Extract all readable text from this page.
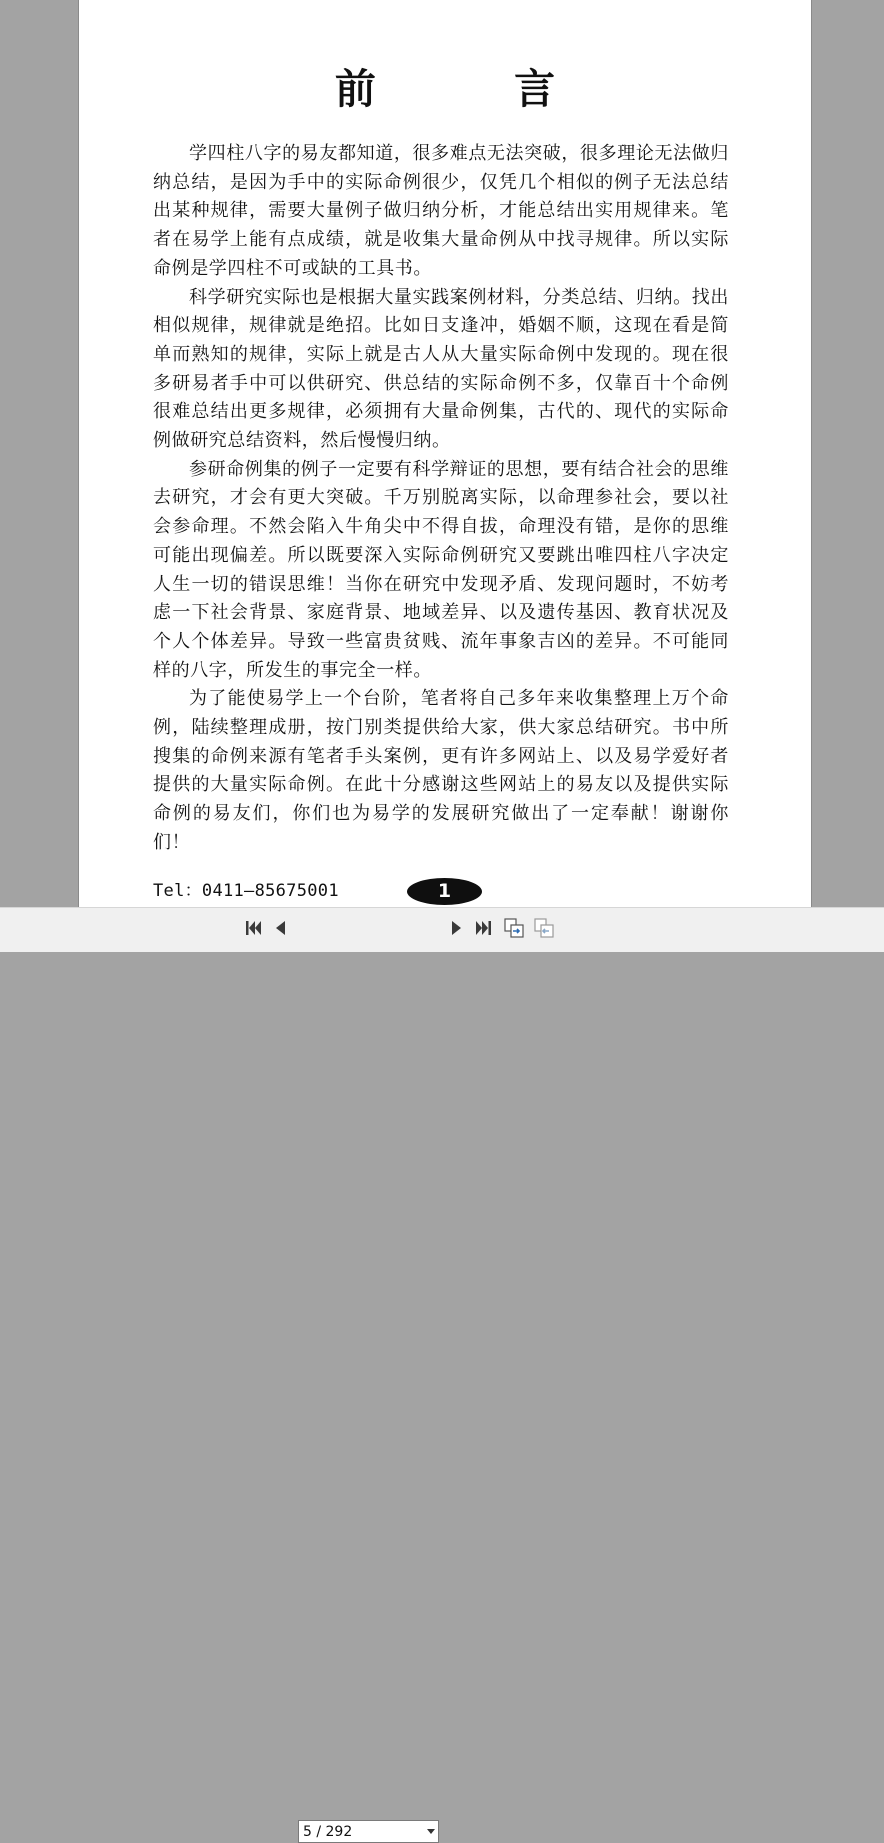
前 言

学四柱八字的易友都知道，很多难点无法突破，很多理论无法做归纳总结，是因为手中的实际命例很少，仅凭几个相似的例子无法总结出某种规律，需要大量例子做归纳分析，才能总结出实用规律来。笔者在易学上能有点成绩，就是收集大量命例从中找寻规律。所以实际命例是学四柱不可或缺的工具书。

科学研究实际也是根据大量实践案例材料，分类总结、归纳。找出相似规律，规律就是绝招。比如日支逢冲，婚姻不顺，这现在看是简单而熟知的规律，实际上就是古人从大量实际命例中发现的。现在很多研易者手中可以供研究、供总结的实际命例不多，仅靠百十个命例很难总结出更多规律，必须拥有大量命例集，古代的、现代的实际命例做研究总结资料，然后慢慢归纳。

参研命例集的例子一定要有科学辩证的思想，要有结合社会的思维去研究，才会有更大突破。千万别脱离实际，以命理参社会，要以社会参命理。不然会陷入牛角尖中不得自拔，命理没有错，是你的思维可能出现偏差。所以既要深入实际命例研究又要跳出唯四柱八字决定人生一切的错误思维！当你在研究中发现矛盾、发现问题时，不妨考虑一下社会背景、家庭背景、地域差异、以及遗传基因、教育状况及个人个体差异。导致一些富贵贫贱、流年事象吉凶的差异。不可能同样的八字，所发生的事完全一样。

为了能使易学上一个台阶，笔者将自己多年来收集整理上万个命例，陆续整理成册，按门别类提供给大家，供大家总结研究。书中所搜集的命例来源有笔者手头案例，更有许多网站上、以及易学爱好者提供的大量实际命例。在此十分感谢这些网站上的易友以及提供实际命例的易友们，你们也为易学的发展研究做出了一定奉献！谢谢你们！

Tel：0411—85675001	1
5 / 292
